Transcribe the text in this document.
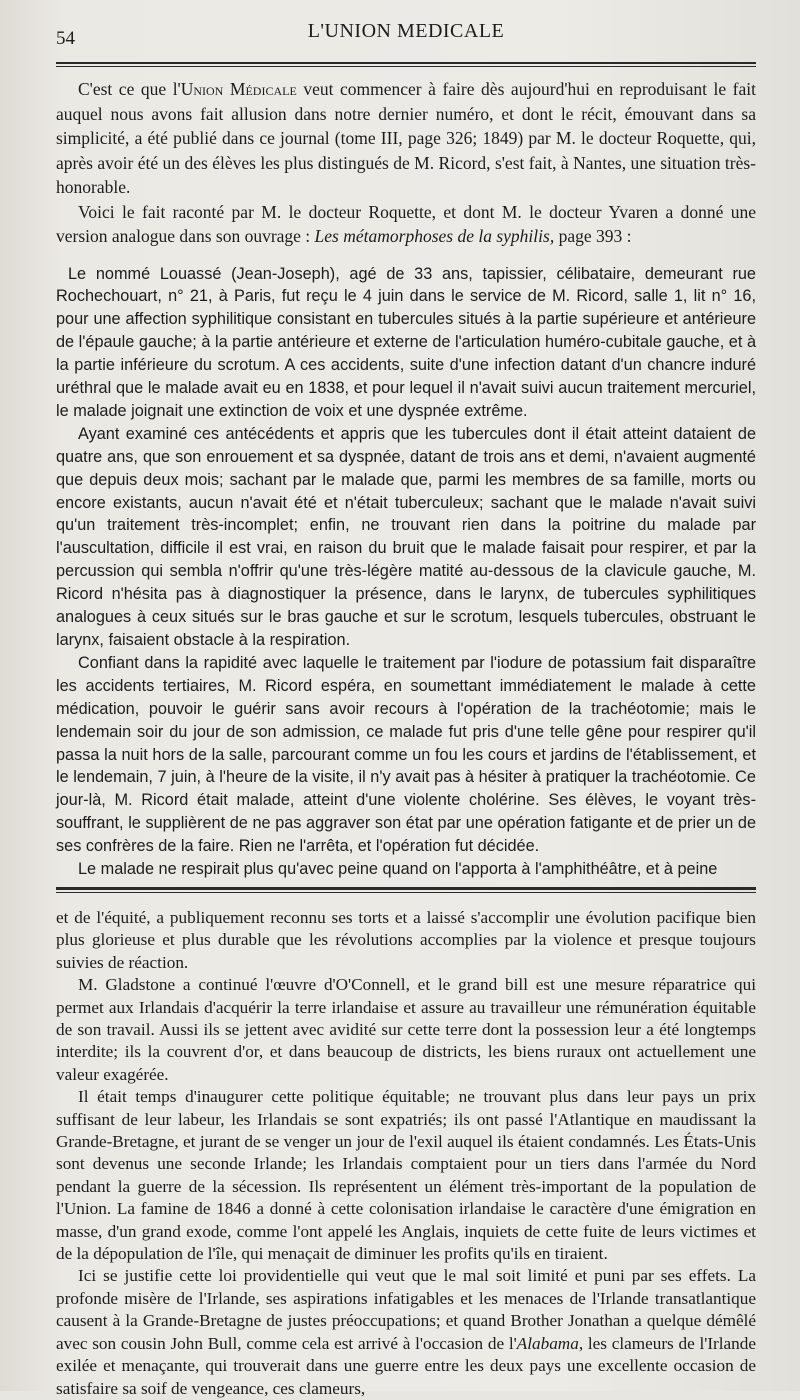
54	L'UNION MEDICALE

C'est ce que l'Union Médicale veut commencer à faire dès aujourd'hui en reproduisant le fait auquel nous avons fait allusion dans notre dernier numéro, et dont le récit, émouvant dans sa simplicité, a été publié dans ce journal (tome III, page 326; 1849) par M. le docteur Roquette, qui, après avoir été un des élèves les plus distingués de M. Ricord, s'est fait, à Nantes, une situation très-honorable.

Voici le fait raconté par M. le docteur Roquette, et dont M. le docteur Yvaren a donné une version analogue dans son ouvrage : Les métamorphoses de la syphilis, page 393 :

Le nommé Louassé (Jean-Joseph), agé de 33 ans, tapissier, célibataire, demeurant rue Rochechouart, n° 21, à Paris, fut reçu le 4 juin dans le service de M. Ricord, salle 1, lit n° 16, pour une affection syphilitique consistant en tubercules situés à la partie supérieure et antérieure de l'épaule gauche; à la partie antérieure et externe de l'articulation huméro-cubitale gauche, et à la partie inférieure du scrotum. A ces accidents, suite d'une infection datant d'un chancre induré uréthral que le malade avait eu en 1838, et pour lequel il n'avait suivi aucun traitement mercuriel, le malade joignait une extinction de voix et une dyspnée extrême.

Ayant examiné ces antécédents et appris que les tubercules dont il était atteint dataient de quatre ans, que son enrouement et sa dyspnée, datant de trois ans et demi, n'avaient augmenté que depuis deux mois; sachant par le malade que, parmi les membres de sa famille, morts ou encore existants, aucun n'avait été et n'était tuberculeux; sachant que le malade n'avait suivi qu'un traitement très-incomplet; enfin, ne trouvant rien dans la poitrine du malade par l'auscultation, difficile il est vrai, en raison du bruit que le malade faisait pour respirer, et par la percussion qui sembla n'offrir qu'une très-légère matité au-dessous de la clavicule gauche, M. Ricord n'hésita pas à diagnostiquer la présence, dans le larynx, de tubercules syphilitiques analogues à ceux situés sur le bras gauche et sur le scrotum, lesquels tubercules, obstruant le larynx, faisaient obstacle à la respiration.

Confiant dans la rapidité avec laquelle le traitement par l'iodure de potassium fait disparaître les accidents tertiaires, M. Ricord espéra, en soumettant immédiatement le malade à cette médication, pouvoir le guérir sans avoir recours à l'opération de la trachéotomie; mais le lendemain soir du jour de son admission, ce malade fut pris d'une telle gêne pour respirer qu'il passa la nuit hors de la salle, parcourant comme un fou les cours et jardins de l'établissement, et le lendemain, 7 juin, à l'heure de la visite, il n'y avait pas à hésiter à pratiquer la trachéotomie. Ce jour-là, M. Ricord était malade, atteint d'une violente cholérine. Ses élèves, le voyant très-souffrant, le supplièrent de ne pas aggraver son état par une opération fatigante et de prier un de ses confrères de la faire. Rien ne l'arrêta, et l'opération fut décidée.

Le malade ne respirait plus qu'avec peine quand on l'apporta à l'amphithéâtre, et à peine

et de l'équité, a publiquement reconnu ses torts et a laissé s'accomplir une évolution pacifique bien plus glorieuse et plus durable que les révolutions accomplies par la violence et presque toujours suivies de réaction.

M. Gladstone a continué l'œuvre d'O'Connell, et le grand bill est une mesure réparatrice qui permet aux Irlandais d'acquérir la terre irlandaise et assure au travailleur une rémunération équitable de son travail. Aussi ils se jettent avec avidité sur cette terre dont la possession leur a été longtemps interdite; ils la couvrent d'or, et dans beaucoup de districts, les biens ruraux ont actuellement une valeur exagérée.

Il était temps d'inaugurer cette politique équitable; ne trouvant plus dans leur pays un prix suffisant de leur labeur, les Irlandais se sont expatriés; ils ont passé l'Atlantique en maudissant la Grande-Bretagne, et jurant de se venger un jour de l'exil auquel ils étaient condamnés. Les États-Unis sont devenus une seconde Irlande; les Irlandais comptaient pour un tiers dans l'armée du Nord pendant la guerre de la sécession. Ils représentent un élément très-important de la population de l'Union. La famine de 1846 a donné à cette colonisation irlandaise le caractère d'une émigration en masse, d'un grand exode, comme l'ont appelé les Anglais, inquiets de cette fuite de leurs victimes et de la dépopulation de l'île, qui menaçait de diminuer les profits qu'ils en tiraient.

Ici se justifie cette loi providentielle qui veut que le mal soit limité et puni par ses effets. La profonde misère de l'Irlande, ses aspirations infatigables et les menaces de l'Irlande transatlantique causent à la Grande-Bretagne de justes préoccupations; et quand Brother Jonathan a quelque démêlé avec son cousin John Bull, comme cela est arrivé à l'occasion de l'Alabama, les clameurs de l'Irlande exilée et menaçante, qui trouverait dans une guerre entre les deux pays une excellente occasion de satisfaire sa soif de vengeance, ces clameurs,
